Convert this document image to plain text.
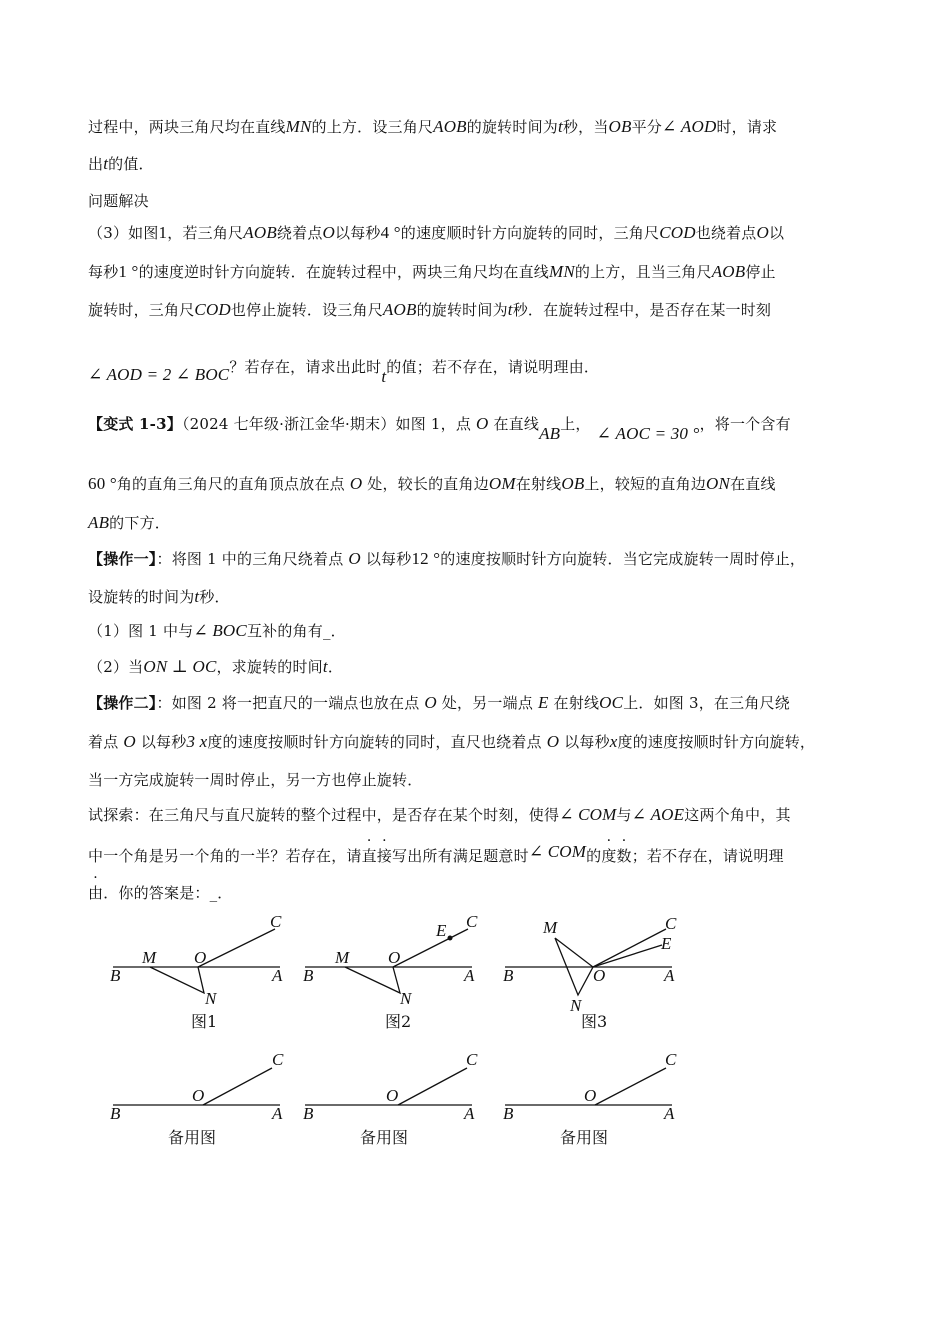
过程中，两块三角尺均在直线MN的上方．设三角尺AOB的旋转时间为t秒，当OB平分∠ AOD时，请求
出t的值．
问题解决
（3）如图1，若三角尺AOB绕着点O以每秒4 °的速度顺时针方向旋转的同时，三角尺COD也绕着点O以
每秒1 °的速度逆时针方向旋转．在旋转过程中，两块三角尺均在直线MN的上方，且当三角尺AOB停止
旋转时，三角尺COD也停止旋转．设三角尺AOB的旋转时间为t秒．在旋转过程中，是否存在某一时刻
∠ AOD = 2 ∠ BOC？若存在，请求出此时t的值；若不存在，请说明理由．
【变式 1-3】（2024 七年级·浙江金华·期末）如图 1，点 O 在直线AB上， ∠ AOC = 30 °，将一个含有
60 °角的直角三角尺的直角顶点放在点 O 处，较长的直角边OM在射线OB上，较短的直角边ON在直线
AB的下方．
【操作一】：将图 1 中的三角尺绕着点 O 以每秒12 °的速度按顺时针方向旋转．当它完成旋转一周时停止，
设旋转的时间为t秒．
（1）图 1 中与∠ BOC互补的角有_．
（2）当ON ⊥ OC，求旋转的时间t．
【操作二】：如图 2 将一把直尺的一端点也放在点 O 处，另一端点 E 在射线OC上．如图 3，在三角尺绕
着点 O 以每秒3 x度的速度按顺时针方向旋转的同时，直尺也绕着点 O 以每秒x度的速度按顺时针方向旋转，
当一方完成旋转一周时停止，另一方也停止旋转．
试探索：在三角尺与直尺旋转的整个过程中，是否存在某个时刻，使得∠ COM与∠ AOE这两个角中，其
中一个角是另一个角的一半？若存在，请直接写出所有满足题意时∠ COM的度数；若不存在，请说明理
由．你的答案是：_．
C
M O
B	A
N
图1
E C
M O
B	A
N
图2
M	C
E
B	O	A
N
图3
C
O
B	A
备用图
C
O
B	A
备用图
C
O
B	A
备用图
